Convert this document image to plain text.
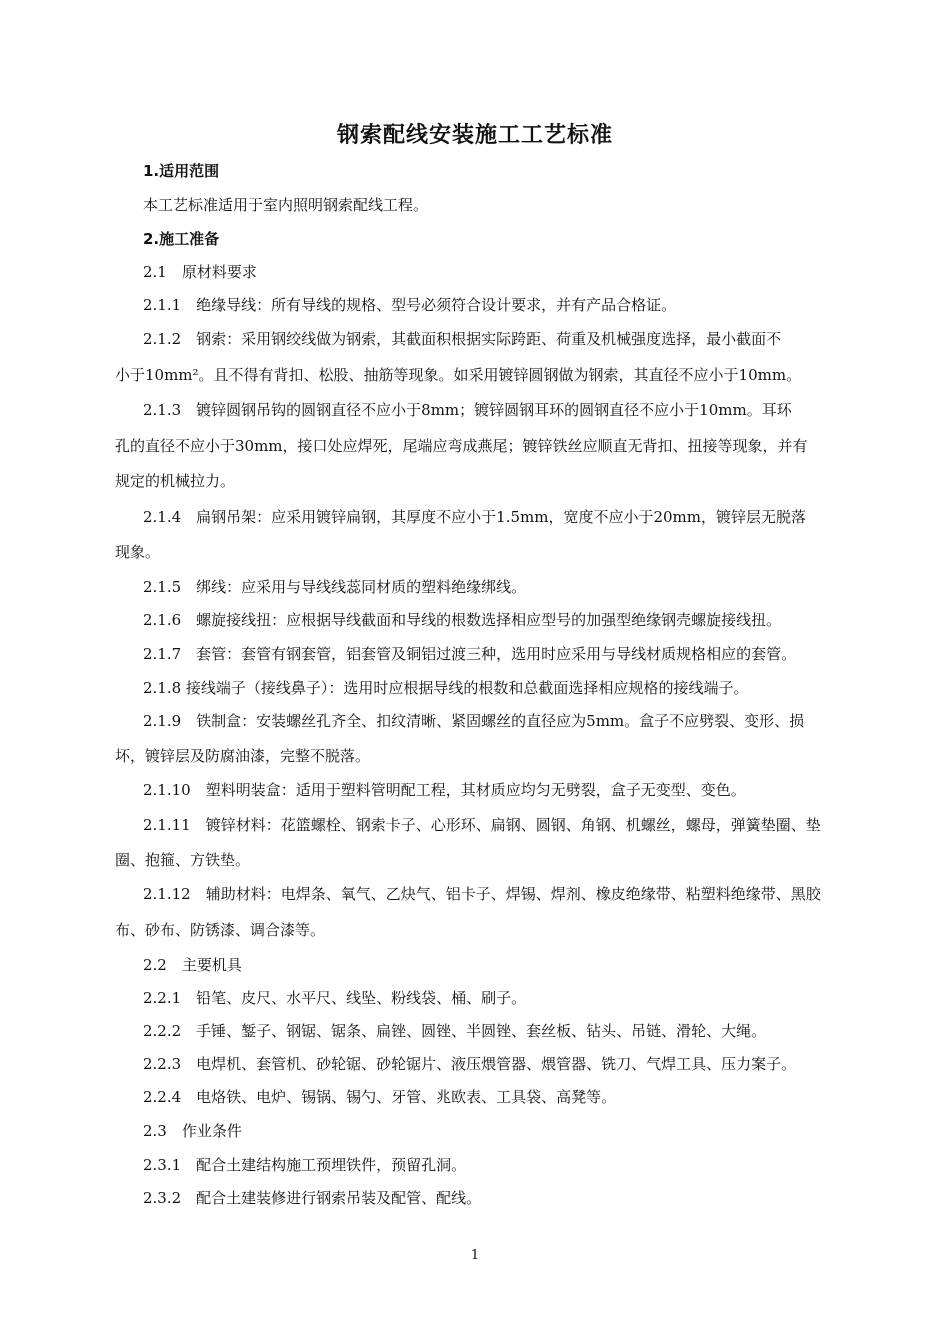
钢索配线安装施工工艺标准
1.适用范围
本工艺标准适用于室内照明钢索配线工程。
2.施工准备
2.1　原材料要求
2.1.1　绝缘导线：所有导线的规格、型号必须符合设计要求，并有产品合格证。
2.1.2　钢索：采用钢绞线做为钢索，其截面积根据实际跨距、荷重及机械强度选择，最小截面不
小于10mm²。且不得有背扣、松股、抽筋等现象。如采用镀锌圆钢做为钢索，其直径不应小于10mm。
2.1.3　镀锌圆钢吊钩的圆钢直径不应小于8mm；镀锌圆钢耳环的圆钢直径不应小于10mm。耳环
孔的直径不应小于30mm，接口处应焊死，尾端应弯成燕尾；镀锌铁丝应顺直无背扣、扭接等现象，并有
规定的机械拉力。
2.1.4　扁钢吊架：应采用镀锌扁钢，其厚度不应小于1.5mm，宽度不应小于20mm，镀锌层无脱落
现象。
2.1.5　绑线：应采用与导线线蕊同材质的塑料绝缘绑线。
2.1.6　螺旋接线扭：应根据导线截面和导线的根数选择相应型号的加强型绝缘钢壳螺旋接线扭。
2.1.7　套管：套管有钢套管，铝套管及铜铝过渡三种，选用时应采用与导线材质规格相应的套管。
2.1.8 接线端子（接线鼻子）：选用时应根据导线的根数和总截面选择相应规格的接线端子。
2.1.9　铁制盒：安装螺丝孔齐全、扣纹清晰、紧固螺丝的直径应为5mm。盒子不应劈裂、变形、损
坏，镀锌层及防腐油漆，完整不脱落。
2.1.10　塑料明装盒：适用于塑料管明配工程，其材质应均匀无劈裂，盒子无变型、变色。
2.1.11　镀锌材料：花篮螺栓、钢索卡子、心形环、扁钢、圆钢、角钢、机螺丝，螺母，弹簧垫圈、垫
圈、抱箍、方铁垫。
2.1.12　辅助材料：电焊条、氧气、乙炔气、铝卡子、焊锡、焊剂、橡皮绝缘带、粘塑料绝缘带、黑胶
布、砂布、防锈漆、调合漆等。
2.2　主要机具
2.2.1　铅笔、皮尺、水平尺、线坠、粉线袋、桶、刷子。
2.2.2　手锤、錾子、钢锯、锯条、扁锉、圆锉、半圆锉、套丝板、钻头、吊链、滑轮、大绳。
2.2.3　电焊机、套管机、砂轮锯、砂轮锯片、液压煨管器、煨管器、铣刀、气焊工具、压力案子。
2.2.4　电烙铁、电炉、锡锅、锡勺、牙管、兆欧表、工具袋、高凳等。
2.3　作业条件
2.3.1　配合土建结构施工预埋铁件，预留孔洞。
2.3.2　配合土建装修进行钢索吊装及配管、配线。
1
